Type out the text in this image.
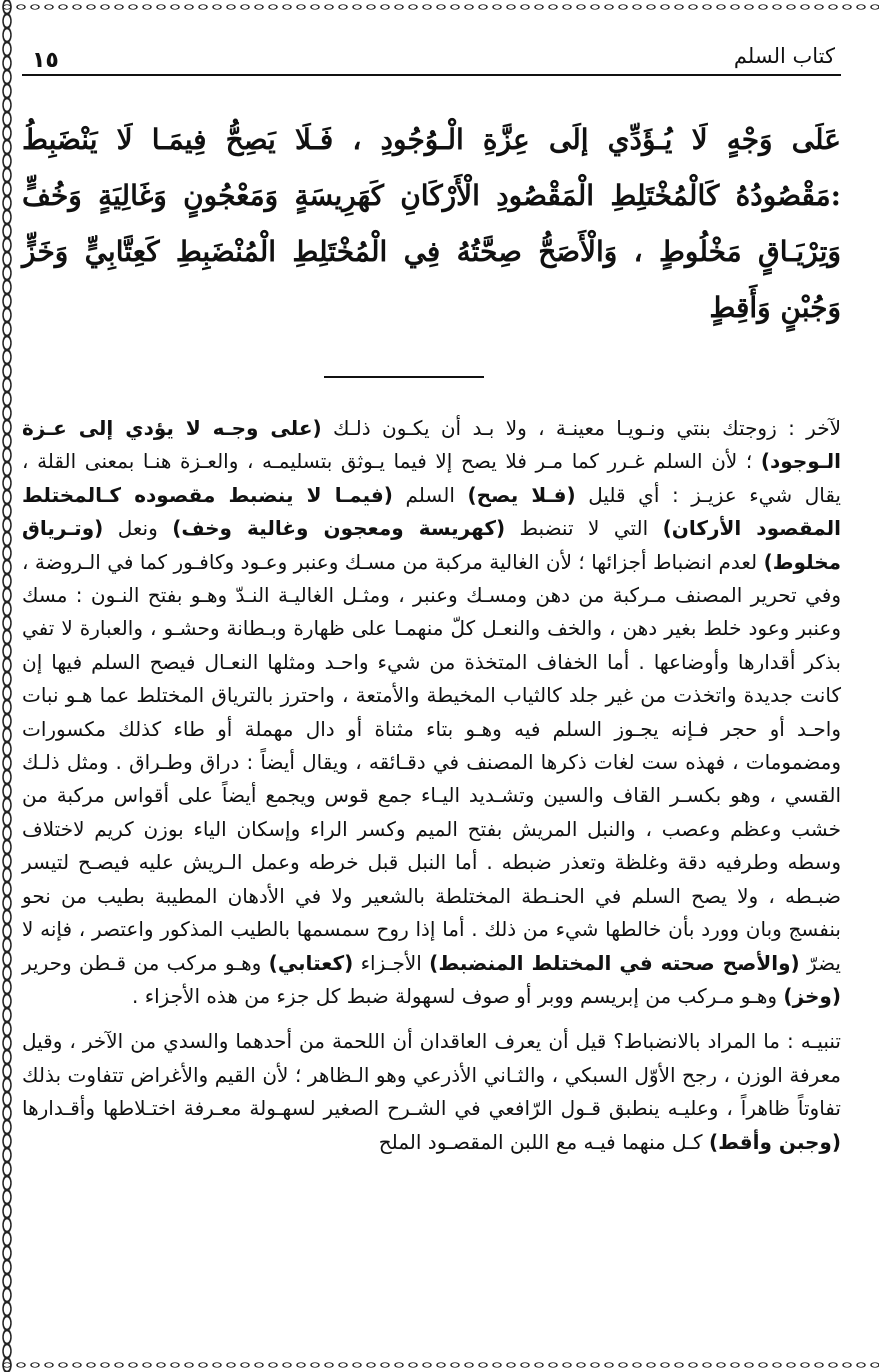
كتاب السلم
١٥

عَلَى وَجْهٍ لَا يُـؤَدِّي إلَى عِزَّةِ الْـوُجُودِ ، فَـلَا يَصِحُّ فِيمَـا لَا يَنْضَبِطُ :مَقْصُودُهُ كَالْمُخْتَلِطِ الْمَقْصُودِ الْأَرْكَانِ كَهَرِيسَةٍ وَمَعْجُونٍ وَغَالِيَةٍ وَخُفٍّ وَتِرْيَـاقٍ مَخْلُوطٍ ، وَالْأَصَحُّ صِحَّتُهُ فِي الْمُخْتَلِطِ الْمُنْضَبِطِ كَعِتَّابِيٍّ وَخَزٍّ وَجُبْنٍ وَأَقِطٍ

لآخر : زوجتك بنتي ونـويـا معينـة ، ولا بـد أن يكـون ذلـك (على وجـه لا يؤدي إلى عـزة الـوجود) ؛ لأن السلم غـرر كما مـر فلا يصح إلا فيما يـوثق بتسليمـه ، والعـزة هنـا بمعنى القلة ، يقال شيء عزيـز : أي قليل (فـلا يصح) السلم (فيمـا لا ينضبط مقصوده كـالمختلط المقصود الأركان) التي لا تنضبط (كهريسة ومعجون وغالية وخف) ونعل (وتـرياق مخلوط) لعدم انضباط أجزائها ؛ لأن الغالية مركبة من مسـك وعنبر وعـود وكافـور كما في الـروضة ، وفي تحرير المصنف مـركبة من دهن ومسـك وعنبر ، ومثـل الغاليـة النـدّ وهـو بفتح النـون : مسك وعنبر وعود خلط بغير دهن ، والخف والنعـل كلّ منهمـا على ظهارة وبـطانة وحشـو ، والعبارة لا تفي بذكر أقدارها وأوضاعها . أما الخفاف المتخذة من شيء واحـد ومثلها النعـال فيصح السلم فيها إن كانت جديدة واتخذت من غير جلد كالثياب المخيطة والأمتعة ، واحترز بالترياق المختلط عما هـو نبات واحـد أو حجر فـإنه يجـوز السلم فيه وهـو بتاء مثناة أو دال مهملة أو طاء كذلك مكسورات ومضمومات ، فهذه ست لغات ذكرها المصنف في دقـائقه ، ويقال أيضاً : دراق وطـراق . ومثل ذلـك القسي ، وهو بكسـر القاف والسين وتشـديد اليـاء جمع قوس ويجمع أيضاً على أقواس مركبة من خشب وعظم وعصب ، والنبل المريش بفتح الميم وكسر الراء وإسكان الياء بوزن كريم لاختلاف وسطه وطرفيه دقة وغلظة وتعذر ضبطه . أما النبل قبل خرطه وعمل الـريش عليه فيصـح لتيسر ضبـطه ، ولا يصح السلم في الحنـطة المختلطة بالشعير ولا في الأدهان المطيبة بطيب من نحو بنفسج وبان وورد بأن خالطها شيء من ذلك . أما إذا روح سمسمها بالطيب المذكور واعتصر ، فإنه لا يضرّ (والأصح صحته في المختلط المنضبط) الأجـزاء (كعتابي) وهـو مركب من قـطن وحرير (وخز) وهـو مـركب من إبريسم ووبر أو صوف لسهولة ضبط كل جزء من هذه الأجزاء .

تنبيـه : ما المراد بالانضباط؟ قيل أن يعرف العاقدان أن اللحمة من أحدهما والسدي من الآخر ، وقيل معرفة الوزن ، رجح الأوّل السبكي ، والثـاني الأذرعي وهو الـظاهر ؛ لأن القيم والأغراض تتفاوت بذلك تفاوتاً ظاهراً ، وعليـه ينطبق قـول الرّافعي في الشـرح الصغير لسهـولة معـرفة اختـلاطها وأقـدارها (وجبن وأقط) كـل منهما فيـه مع اللبن المقصـود الملح
